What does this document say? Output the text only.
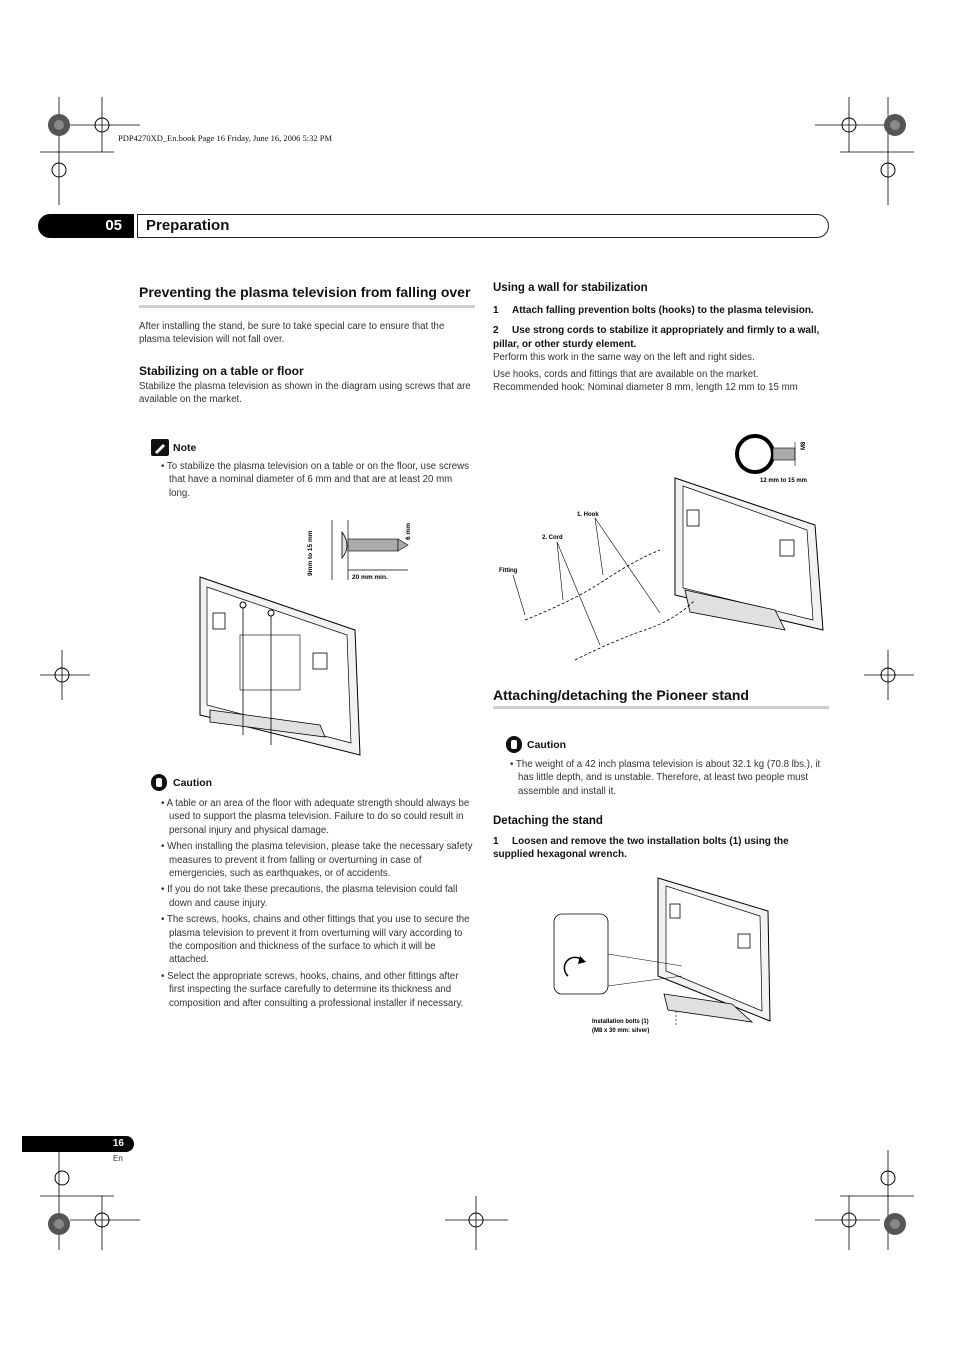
PDP4270XD_En.book Page 16 Friday, June 16, 2006 5:32 PM
05	Preparation
Preventing the plasma television from falling over
After installing the stand, be sure to take special care to ensure that the plasma television will not fall over.
Stabilizing on a table or floor
Stabilize the plasma television as shown in the diagram using screws that are available on the market.
Note
• To stabilize the plasma television on a table or on the floor, use screws that have a nominal diameter of 6 mm and that are at least 20 mm long.
9mm to 15 mm	6 mm
20 mm min.
Caution
• A table or an area of the floor with adequate strength should always be used to support the plasma television. Failure to do so could result in personal injury and physical damage.
• When installing the plasma television, please take the necessary safety measures to prevent it from falling or overturning in case of emergencies, such as earthquakes, or of accidents.
• If you do not take these precautions, the plasma television could fall down and cause injury.
• The screws, hooks, chains and other fittings that you use to secure the plasma television to prevent it from overturning will vary according to the composition and thickness of the surface to which it will be attached.
• Select the appropriate screws, hooks, chains, and other fittings after first inspecting the surface carefully to determine its thickness and composition and after consulting a professional installer if necessary.
Using a wall for stabilization
1	Attach falling prevention bolts (hooks) to the plasma television.
2	Use strong cords to stabilize it appropriately and firmly to a wall, pillar, or other sturdy element.
Perform this work in the same way on the left and right sides.
Use hooks, cords and fittings that are available on the market. Recommended hook: Nominal diameter 8 mm, length 12 mm to 15 mm
M8
12 mm to 15 mm
1. Hook
2. Cord
Fitting
Attaching/detaching the Pioneer stand
Caution
• The weight of a 42 inch plasma television is about 32.1 kg (70.8 lbs.), it has little depth, and is unstable. Therefore, at least two people must assemble and install it.
Detaching the stand
1	Loosen and remove the two installation bolts (1) using the supplied hexagonal wrench.
Installation bolts (1)
(M8 x 30 mm: silver)
16
En
